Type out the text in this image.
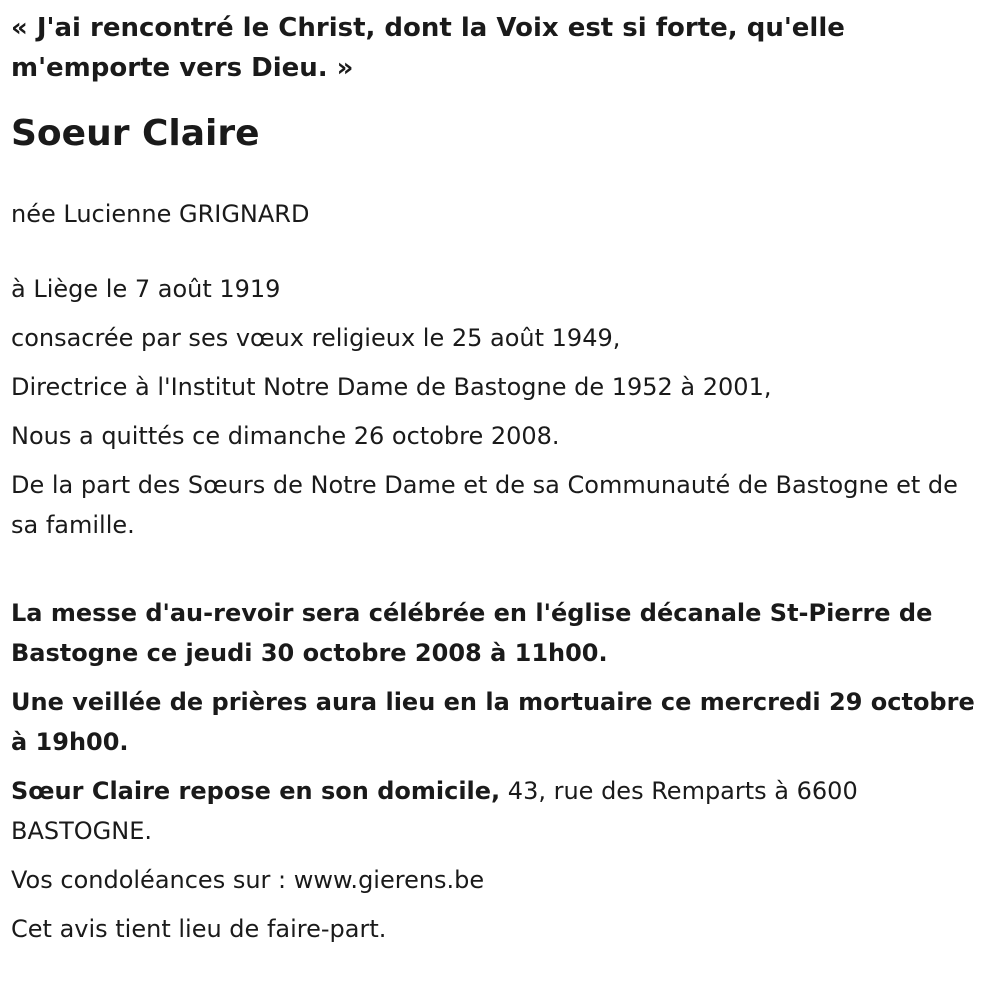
« J'ai rencontré le Christ, dont la Voix est si forte, qu'elle m'emporte vers Dieu. »

Soeur Claire

née Lucienne GRIGNARD

à Liège le 7 août 1919

consacrée par ses vœux religieux le 25 août 1949,

Directrice à l'Institut Notre Dame de Bastogne de 1952 à 2001,

Nous a quittés ce dimanche 26 octobre 2008.

De la part des Sœurs de Notre Dame et de sa Communauté de Bastogne et de sa famille.

La messe d'au-revoir sera célébrée en l'église décanale St-Pierre de Bastogne ce jeudi 30 octobre 2008 à 11h00.

Une veillée de prières aura lieu en la mortuaire ce mercredi 29 octobre à 19h00.

Sœur Claire repose en son domicile, 43, rue des Remparts à 6600 BASTOGNE.

Vos condoléances sur : www.gierens.be

Cet avis tient lieu de faire-part.
